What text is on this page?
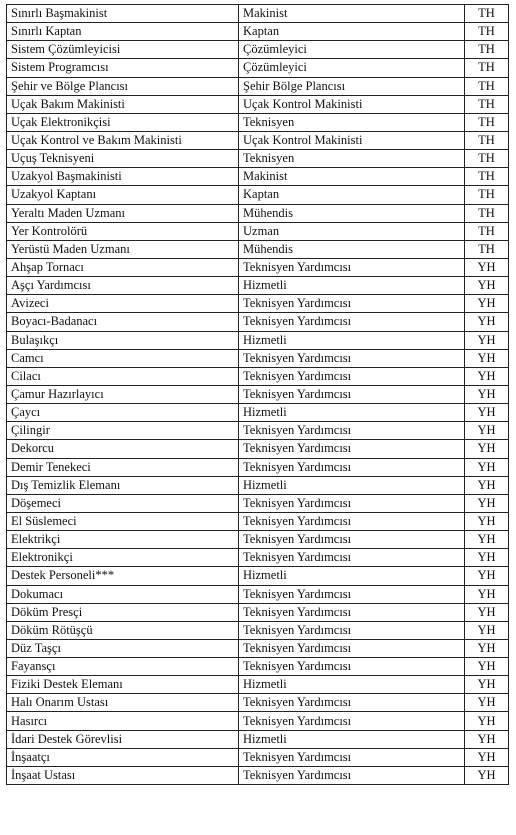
Sınırlı Başmakinist	Makinist	TH
Sınırlı Kaptan	Kaptan	TH
Sistem Çözümleyicisi	Çözümleyici	TH
Sistem Programcısı	Çözümleyici	TH
Şehir ve Bölge Plancısı	Şehir Bölge Plancısı	TH
Uçak Bakım Makinisti	Uçak Kontrol Makinisti	TH
Uçak Elektronikçisi	Teknisyen	TH
Uçak Kontrol ve Bakım Makinisti	Uçak Kontrol Makinisti	TH
Uçuş Teknisyeni	Teknisyen	TH
Uzakyol Başmakinisti	Makinist	TH
Uzakyol Kaptanı	Kaptan	TH
Yeraltı Maden Uzmanı	Mühendis	TH
Yer Kontrolörü	Uzman	TH
Yerüstü Maden Uzmanı	Mühendis	TH
Ahşap Tornacı	Teknisyen Yardımcısı	YH
Aşçı Yardımcısı	Hizmetli	YH
Avizeci	Teknisyen Yardımcısı	YH
Boyacı-Badanacı	Teknisyen Yardımcısı	YH
Bulaşıkçı	Hizmetli	YH
Camcı	Teknisyen Yardımcısı	YH
Cilacı	Teknisyen Yardımcısı	YH
Çamur Hazırlayıcı	Teknisyen Yardımcısı	YH
Çaycı	Hizmetli	YH
Çilingir	Teknisyen Yardımcısı	YH
Dekorcu	Teknisyen Yardımcısı	YH
Demir Tenekeci	Teknisyen Yardımcısı	YH
Dış Temizlik Elemanı	Hizmetli	YH
Döşemeci	Teknisyen Yardımcısı	YH
El Süslemeci	Teknisyen Yardımcısı	YH
Elektrikçi	Teknisyen Yardımcısı	YH
Elektronikçi	Teknisyen Yardımcısı	YH
Destek Personeli***	Hizmetli	YH
Dokumacı	Teknisyen Yardımcısı	YH
Döküm Presçi	Teknisyen Yardımcısı	YH
Döküm Rötüşçü	Teknisyen Yardımcısı	YH
Düz Taşçı	Teknisyen Yardımcısı	YH
Fayansçı	Teknisyen Yardımcısı	YH
Fiziki Destek Elemanı	Hizmetli	YH
Halı Onarım Ustası	Teknisyen Yardımcısı	YH
Hasırcı	Teknisyen Yardımcısı	YH
İdari Destek Görevlisi	Hizmetli	YH
İnşaatçı	Teknisyen Yardımcısı	YH
İnşaat Ustası	Teknisyen Yardımcısı	YH
